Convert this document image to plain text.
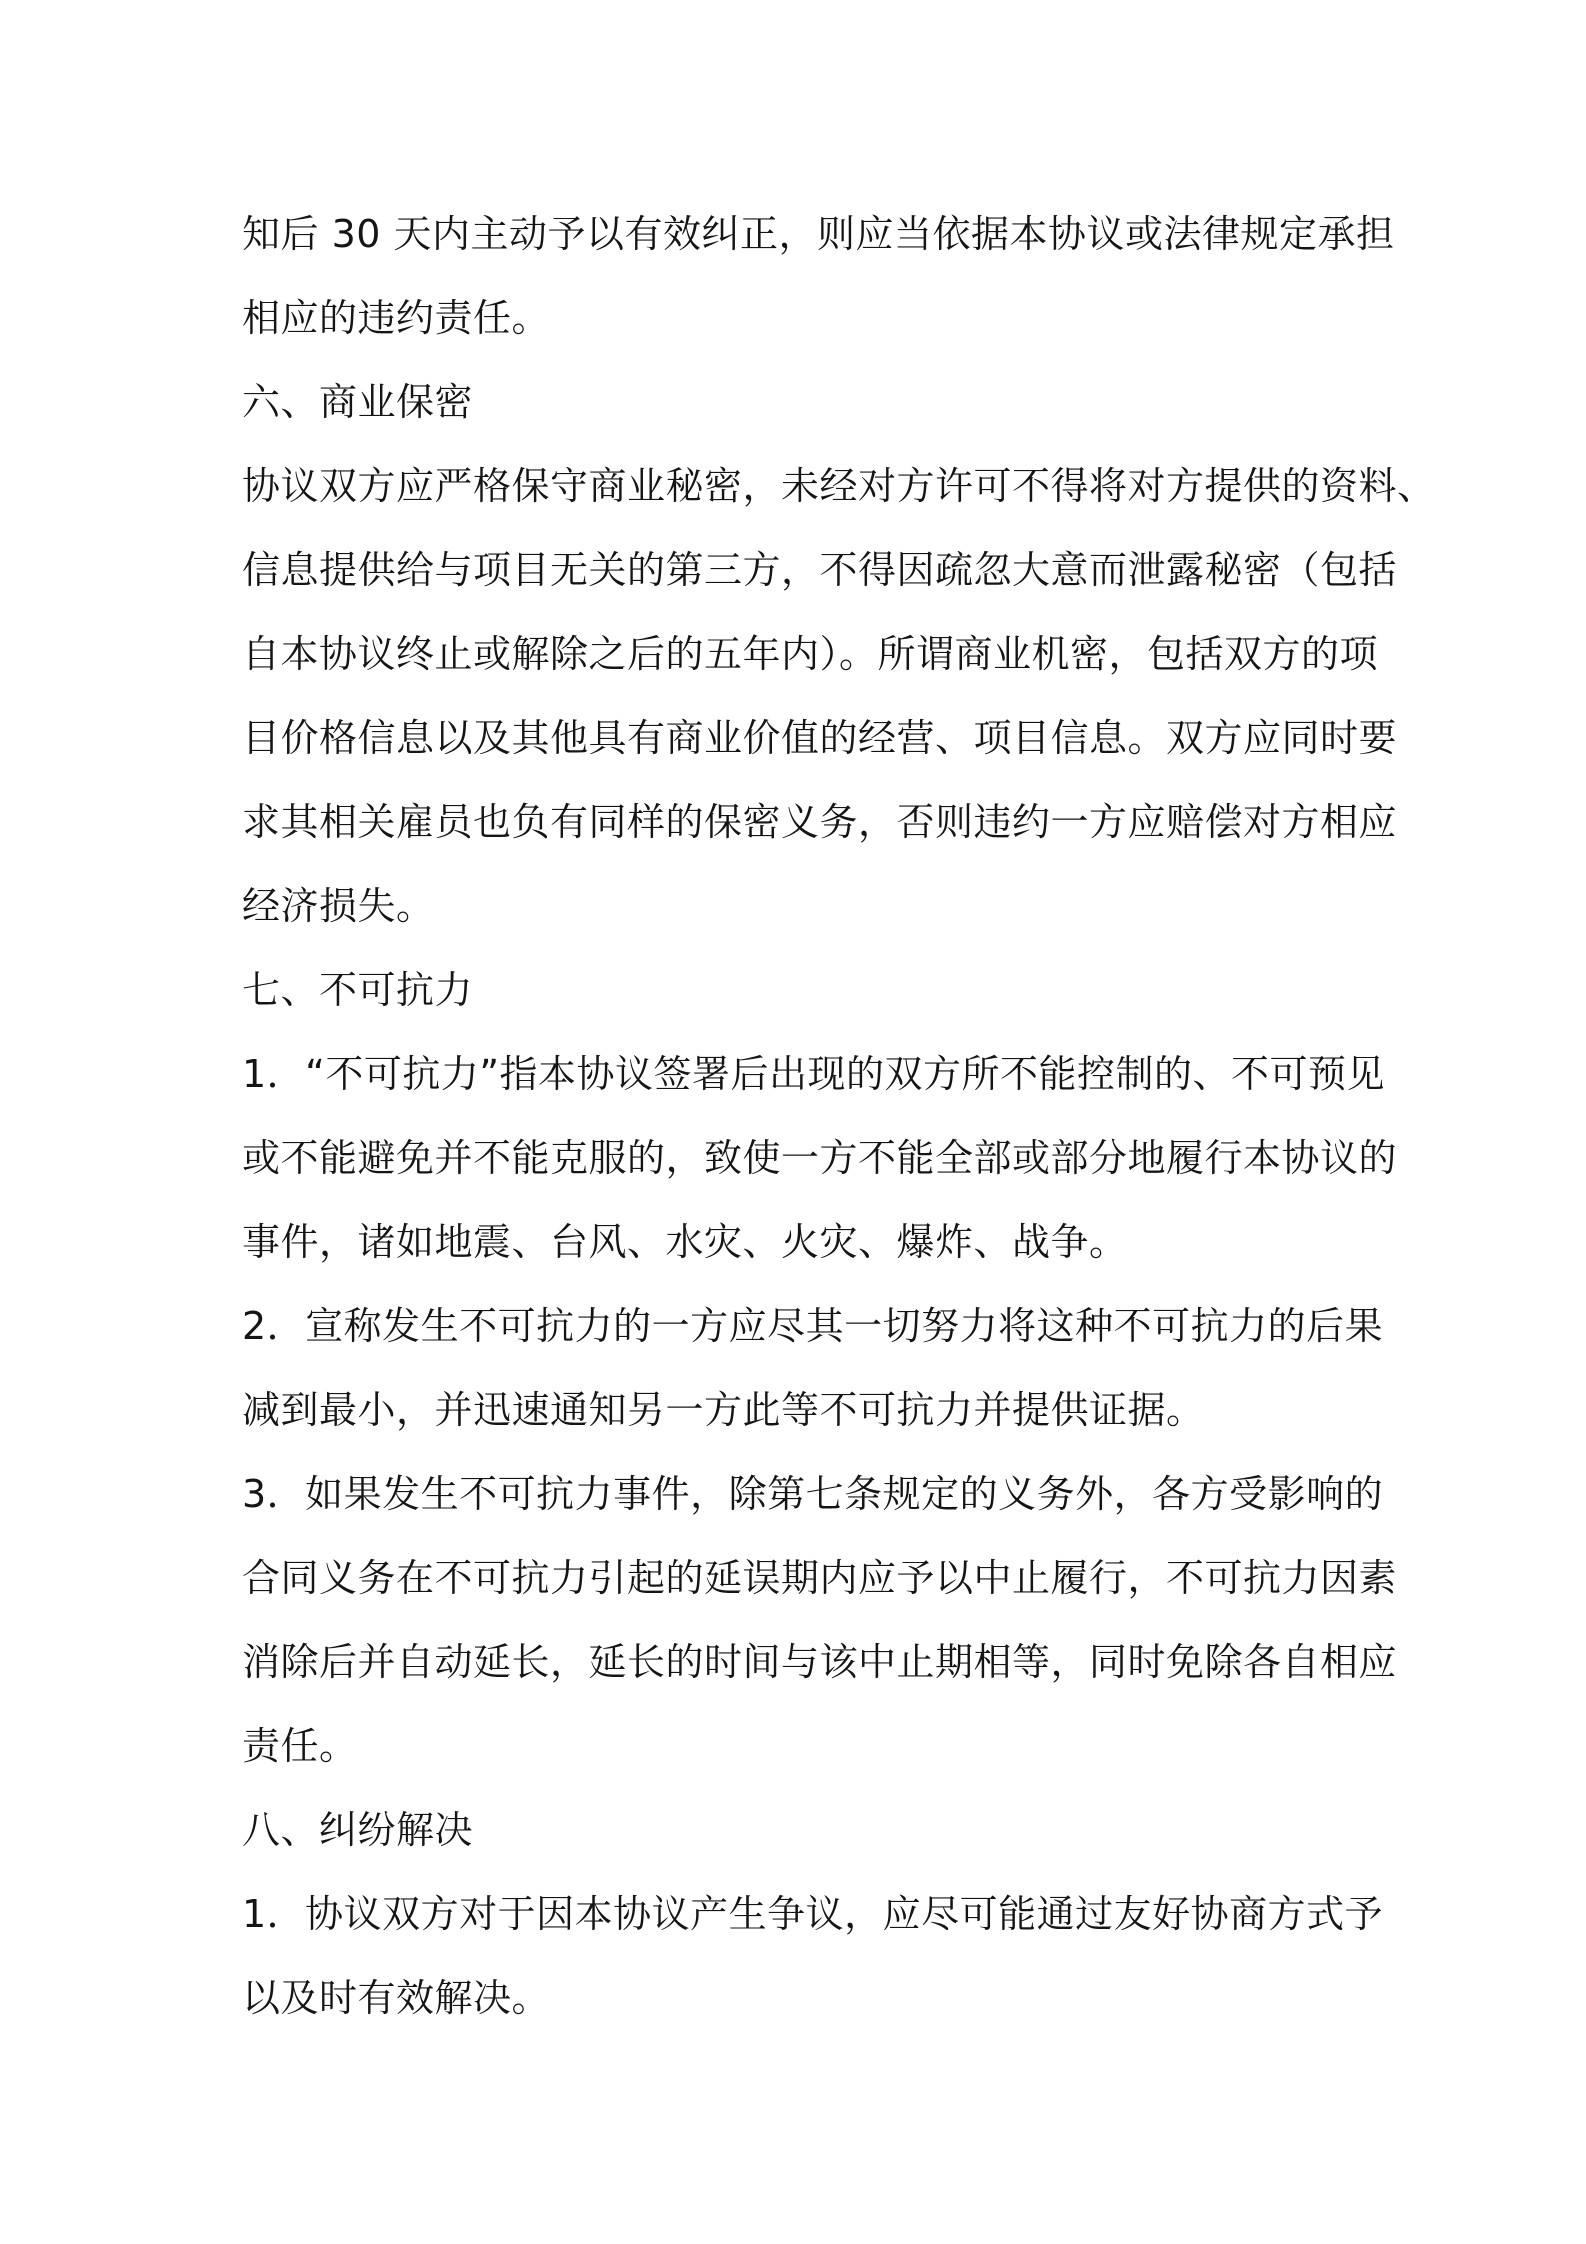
知后 30 天内主动予以有效纠正，则应当依据本协议或法律规定承担
相应的违约责任。
六、商业保密
协议双方应严格保守商业秘密，未经对方许可不得将对方提供的资料、
信息提供给与项目无关的第三方，不得因疏忽大意而泄露秘密（包括
自本协议终止或解除之后的五年内）。所谓商业机密，包括双方的项
目价格信息以及其他具有商业价值的经营、项目信息。双方应同时要
求其相关雇员也负有同样的保密义务，否则违约一方应赔偿对方相应
经济损失。
七、不可抗力
1．“不可抗力”指本协议签署后出现的双方所不能控制的、不可预见
或不能避免并不能克服的，致使一方不能全部或部分地履行本协议的
事件，诸如地震、台风、水灾、火灾、爆炸、战争。
2．宣称发生不可抗力的一方应尽其一切努力将这种不可抗力的后果
减到最小，并迅速通知另一方此等不可抗力并提供证据。
3．如果发生不可抗力事件，除第七条规定的义务外，各方受影响的
合同义务在不可抗力引起的延误期内应予以中止履行，不可抗力因素
消除后并自动延长，延长的时间与该中止期相等，同时免除各自相应
责任。
八、纠纷解决
1．协议双方对于因本协议产生争议，应尽可能通过友好协商方式予
以及时有效解决。
